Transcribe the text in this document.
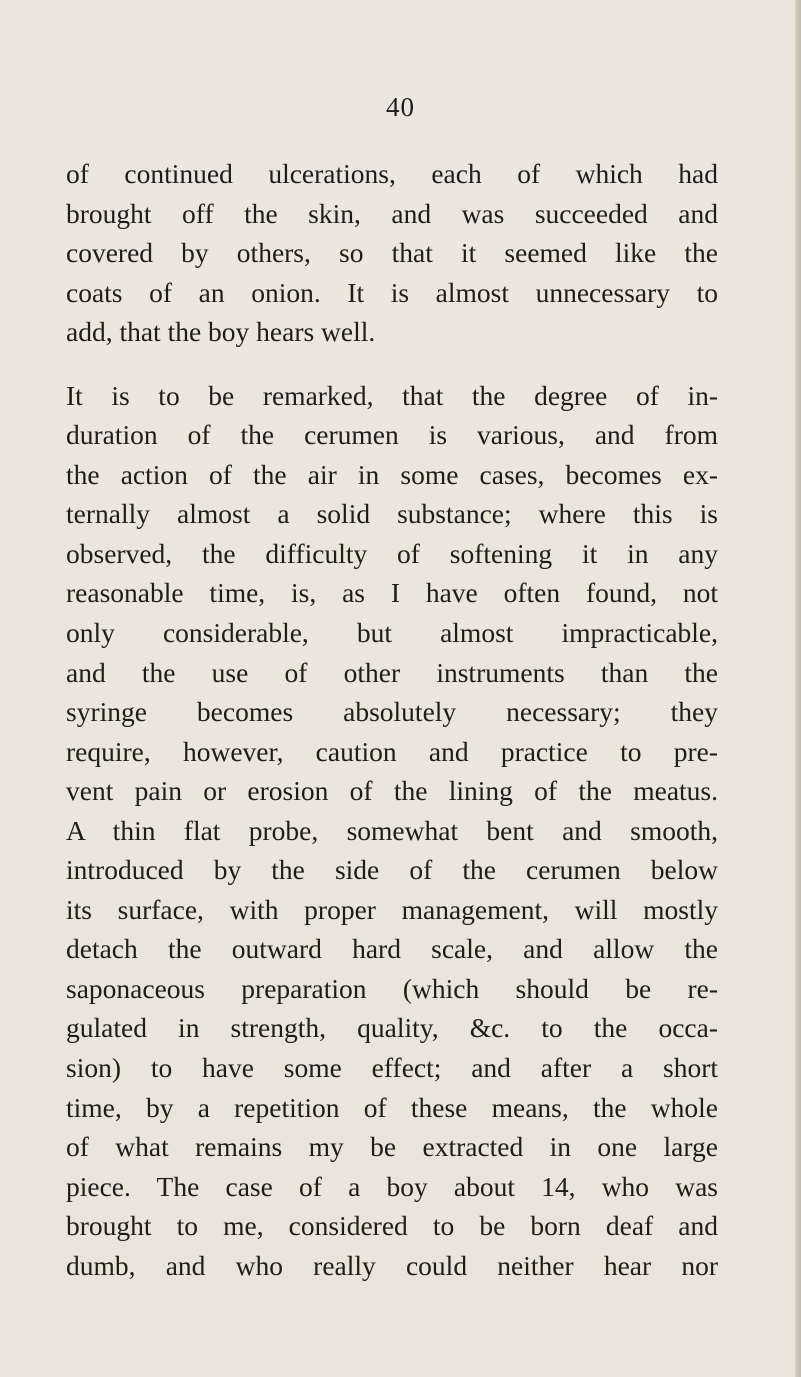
40
of continued ulcerations, each of which had
brought off the skin, and was succeeded and
covered by others, so that it seemed like the
coats of an onion. It is almost unnecessary to
add, that the boy hears well.
It is to be remarked, that the degree of in-
duration of the cerumen is various, and from
the action of the air in some cases, becomes ex-
ternally almost a solid substance; where this is
observed, the difficulty of softening it in any
reasonable time, is, as I have often found, not
only considerable, but almost impracticable,
and the use of other instruments than the
syringe becomes absolutely necessary; they
require, however, caution and practice to pre-
vent pain or erosion of the lining of the meatus.
A thin flat probe, somewhat bent and smooth,
introduced by the side of the cerumen below
its surface, with proper management, will mostly
detach the outward hard scale, and allow the
saponaceous preparation (which should be re-
gulated in strength, quality, &c. to the occa-
sion) to have some effect; and after a short
time, by a repetition of these means, the whole
of what remains my be extracted in one large
piece. The case of a boy about 14, who was
brought to me, considered to be born deaf and
dumb, and who really could neither hear nor
